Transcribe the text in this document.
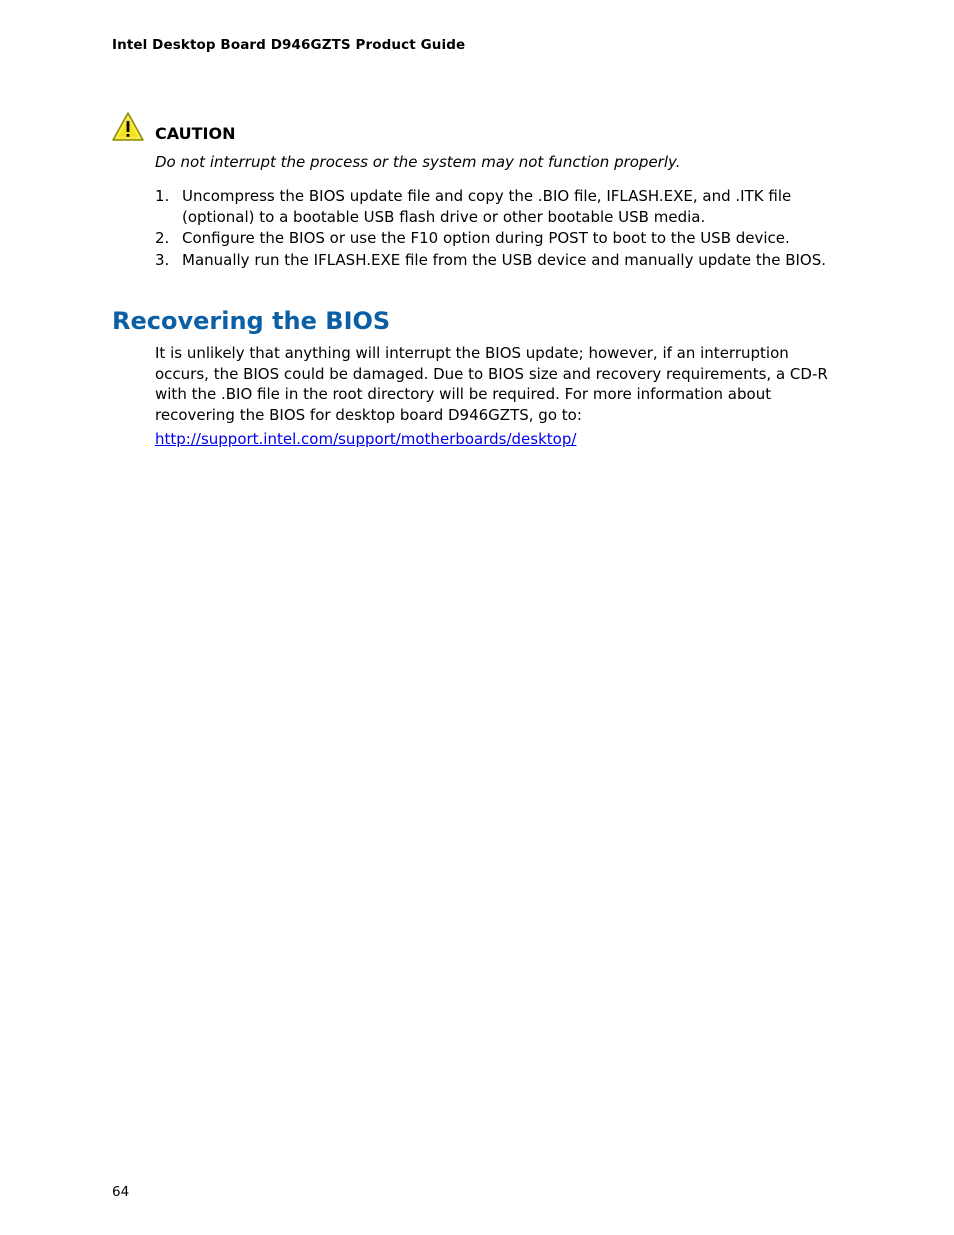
Intel Desktop Board D946GZTS Product Guide
CAUTION
Do not interrupt the process or the system may not function properly.
1. Uncompress the BIOS update file and copy the .BIO file, IFLASH.EXE, and .ITK file (optional) to a bootable USB flash drive or other bootable USB media.
2. Configure the BIOS or use the F10 option during POST to boot to the USB device.
3. Manually run the IFLASH.EXE file from the USB device and manually update the BIOS.
Recovering the BIOS

It is unlikely that anything will interrupt the BIOS update; however, if an interruption occurs, the BIOS could be damaged. Due to BIOS size and recovery requirements, a CD-R with the .BIO file in the root directory will be required. For more information about recovering the BIOS for desktop board D946GZTS, go to:

http://support.intel.com/support/motherboards/desktop/
64
